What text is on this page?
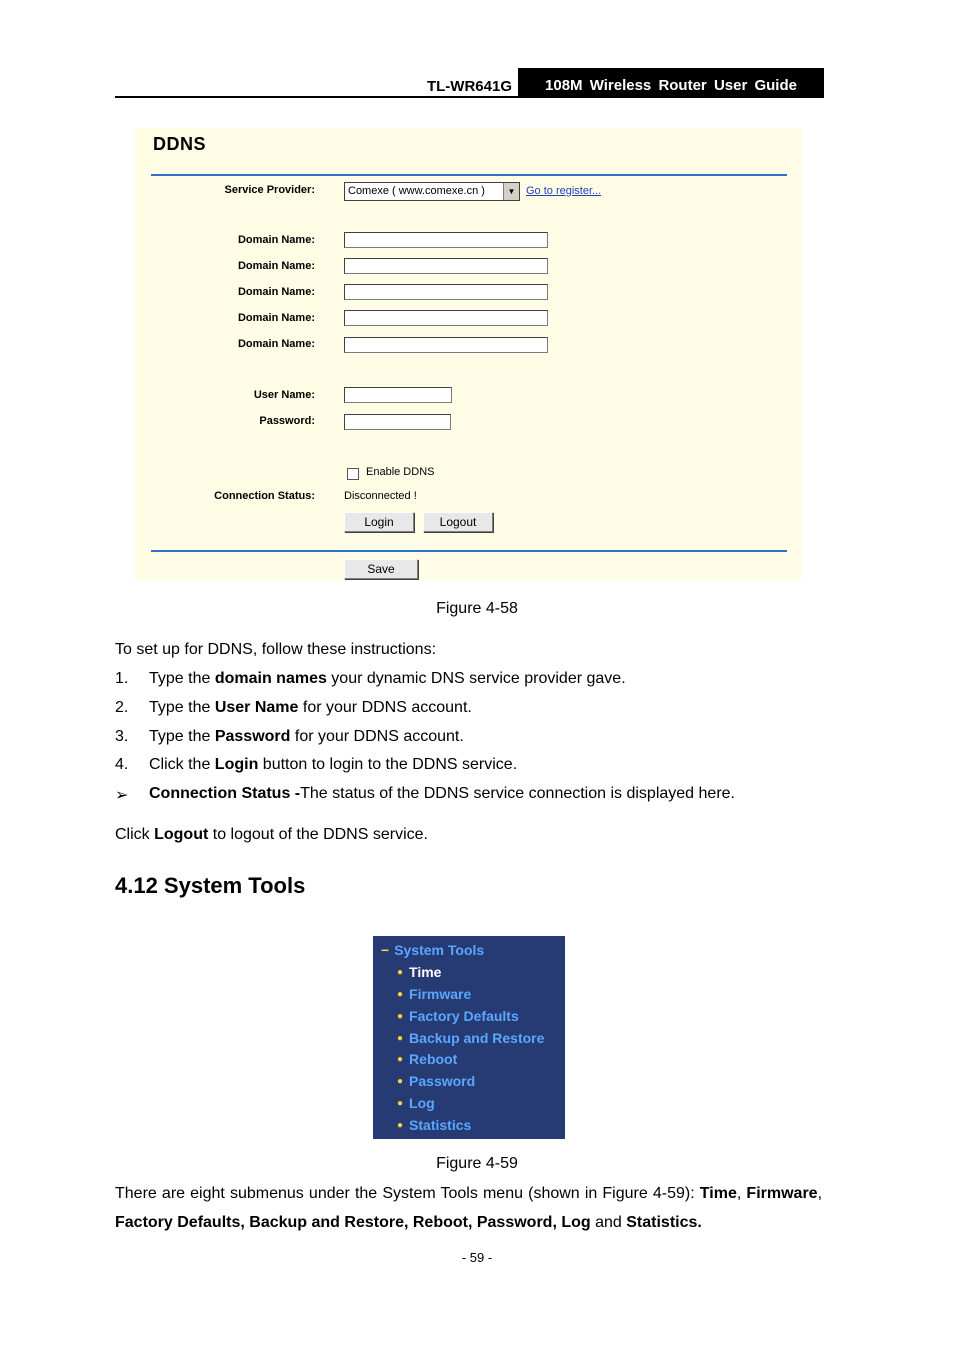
TL-WR641G	108M Wireless Router User Guide
DDNS
Service Provider:	Comexe ( www.comexe.cn )	▼ Go to register...
Domain Name:
Domain Name:
Domain Name:
Domain Name:
Domain Name:
User Name:
Password:
Enable DDNS
Connection Status:	Disconnected !
Login	Logout
Save
Figure 4-58
To set up for DDNS, follow these instructions:
1. Type the domain names your dynamic DNS service provider gave.
2. Type the User Name for your DDNS account.
3. Type the Password for your DDNS account.
4. Click the Login button to login to the DDNS service.
➢ Connection Status -The status of the DDNS service connection is displayed here.
Click Logout to logout of the DDNS service.
4.12 System Tools
− System Tools
● Time
● Firmware
● Factory Defaults
● Backup and Restore
● Reboot
● Password
● Log
● Statistics
Figure 4-59
There are eight submenus under the System Tools menu (shown in Figure 4-59): Time, Firmware, Factory Defaults, Backup and Restore, Reboot, Password, Log and Statistics.
- 59 -
